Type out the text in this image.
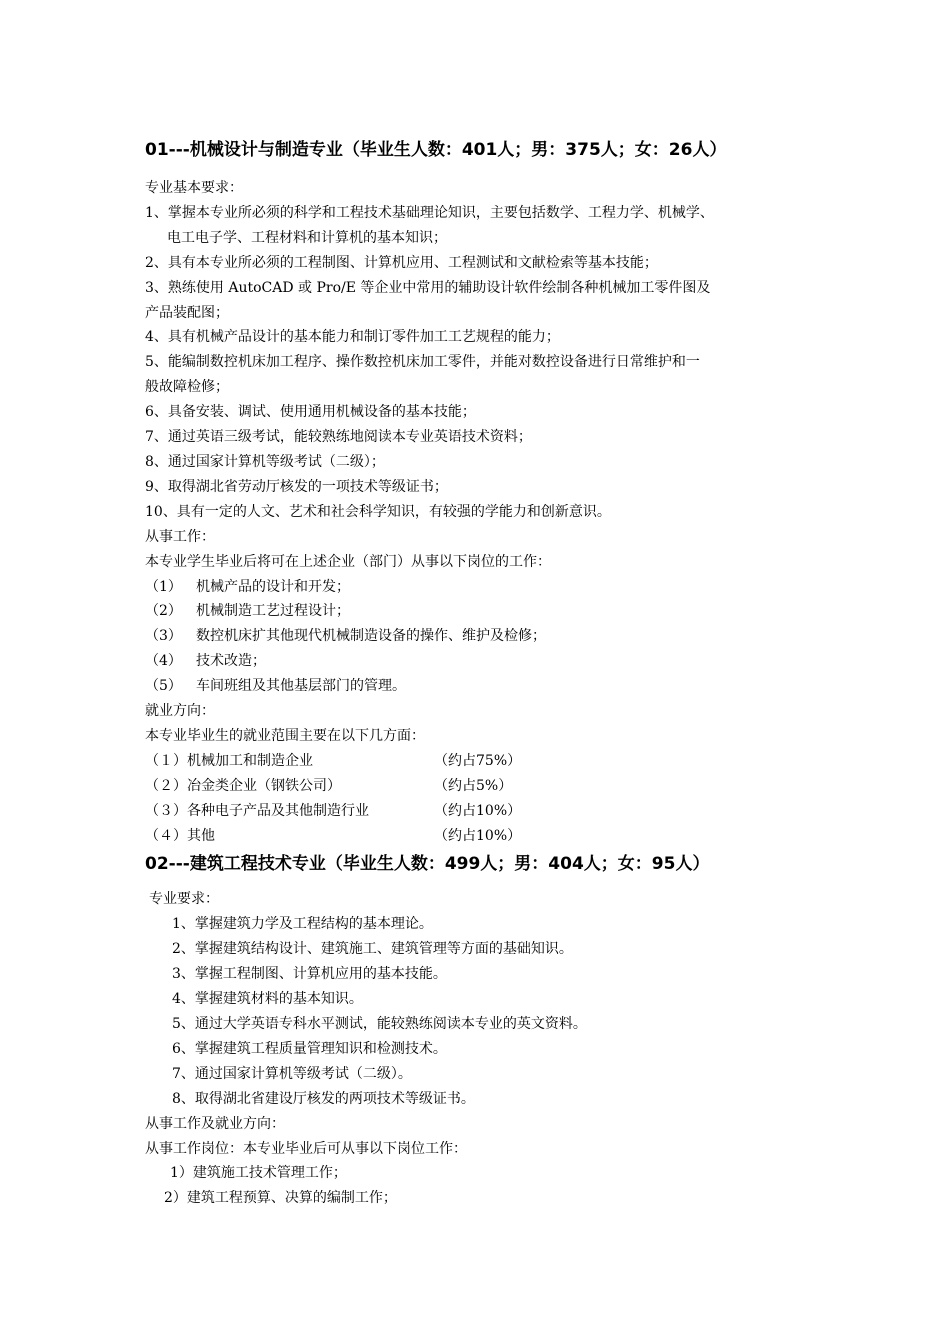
01---机械设计与制造专业（毕业生人数：401人；男：375人；女：26人）
专业基本要求：
1、掌握本专业所必须的科学和工程技术基础理论知识，主要包括数学、工程力学、机械学、
电工电子学、工程材料和计算机的基本知识；
2、具有本专业所必须的工程制图、计算机应用、工程测试和文献检索等基本技能；
3、熟练使用 AutoCAD 或 Pro/E 等企业中常用的辅助设计软件绘制各种机械加工零件图及
产品装配图；
4、具有机械产品设计的基本能力和制订零件加工工艺规程的能力；
5、能编制数控机床加工程序、操作数控机床加工零件，并能对数控设备进行日常维护和一
般故障检修；
6、具备安装、调试、使用通用机械设备的基本技能；
7、通过英语三级考试，能较熟练地阅读本专业英语技术资料；
8、通过国家计算机等级考试（二级）；
9、取得湖北省劳动厅核发的一项技术等级证书；
10、具有一定的人文、艺术和社会科学知识，有较强的学能力和创新意识。
从事工作：
本专业学生毕业后将可在上述企业（部门）从事以下岗位的工作：
（1）	机械产品的设计和开发；
（2）	机械制造工艺过程设计；
（3）	数控机床扩其他现代机械制造设备的操作、维护及检修；
（4）	技术改造；
（5）	车间班组及其他基层部门的管理。
就业方向：
本专业毕业生的就业范围主要在以下几方面：
（１）机械加工和制造企业	（约占75%）
（２）冶金类企业（钢铁公司）	（约占5%）
（３）各种电子产品及其他制造行业	（约占10%）
（４）其他	（约占10%）
02---建筑工程技术专业（毕业生人数：499人；男：404人；女：95人）
专业要求：
1、掌握建筑力学及工程结构的基本理论。
2、掌握建筑结构设计、建筑施工、建筑管理等方面的基础知识。
3、掌握工程制图、计算机应用的基本技能。
4、掌握建筑材料的基本知识。
5、通过大学英语专科水平测试，能较熟练阅读本专业的英文资料。
6、掌握建筑工程质量管理知识和检测技术。
7、通过国家计算机等级考试（二级）。
8、取得湖北省建设厅核发的两项技术等级证书。
从事工作及就业方向：
从事工作岗位：本专业毕业后可从事以下岗位工作：
1）建筑施工技术管理工作；
2）建筑工程预算、决算的编制工作；
